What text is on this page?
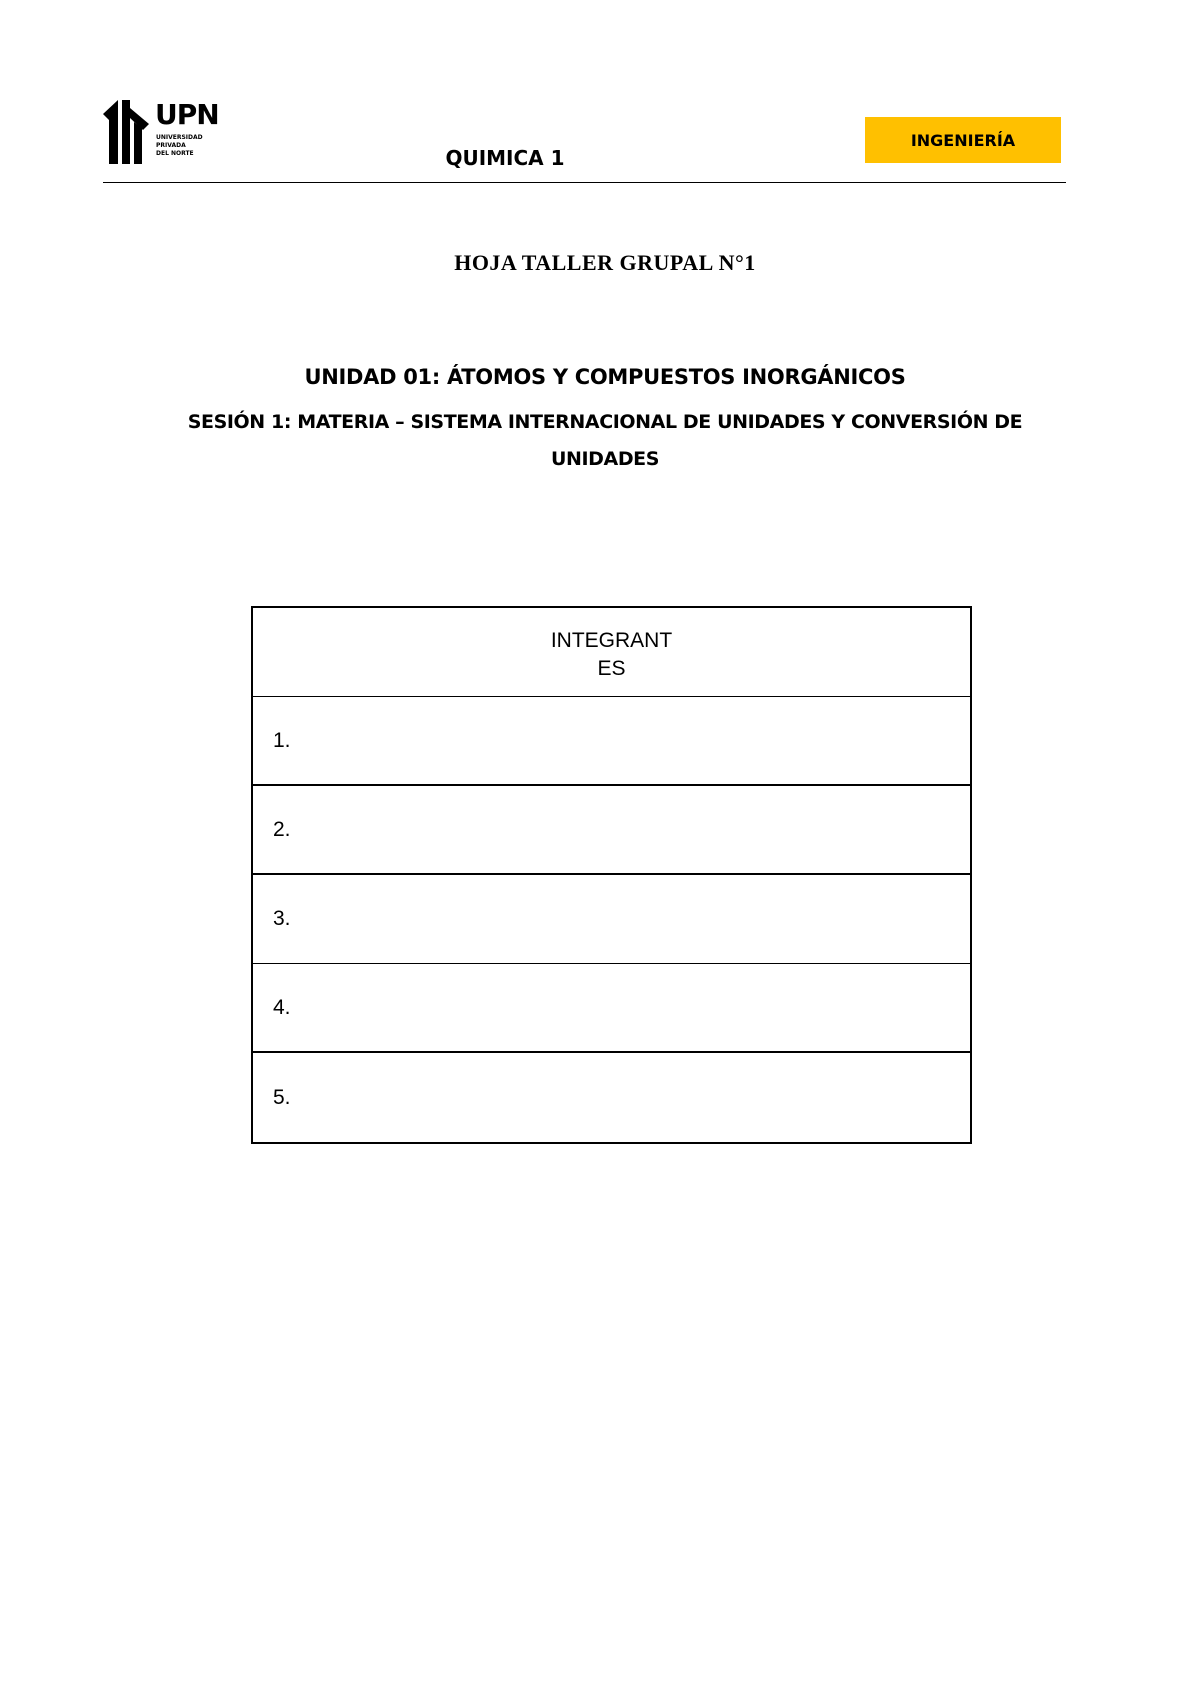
UPN
UNIVERSIDAD
PRIVADA
DEL NORTE	QUIMICA 1
INGENIERÍA
HOJA TALLER GRUPAL N°1
UNIDAD 01: ÁTOMOS Y COMPUESTOS INORGÁNICOS
SESIÓN 1: MATERIA – SISTEMA INTERNACIONAL DE UNIDADES Y CONVERSIÓN DE UNIDADES
INTEGRANT
ES
1.
2.
3.
4.
5.
